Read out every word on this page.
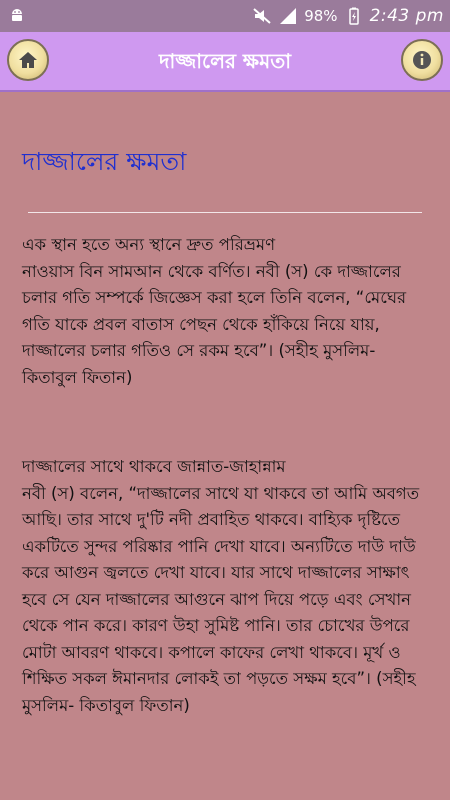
98% 2:43 pm
দাজ্জালের ক্ষমতা
দাজ্জালের ক্ষমতা
এক স্থান হতে অন্য স্থানে দ্রুত পরিভ্রমণ
নাওয়াস বিন সামআন থেকে বর্ণিত। নবী (স) কে দাজ্জালের চলার গতি সম্পর্কে জিজ্ঞেস করা হলে তিনি বলেন, “মেঘের গতি যাকে প্রবল বাতাস পেছন থেকে হাঁকিয়ে নিয়ে যায়, দাজ্জালের চলার গতিও সে রকম হবে”। (সহীহ মুসলিম- কিতাবুল ফিতান)
দাজ্জালের সাথে থাকবে জান্নাত-জাহান্নাম
নবী (স) বলেন, “দাজ্জালের সাথে যা থাকবে তা আমি অবগত আছি। তার সাথে দু'টি নদী প্রবাহিত থাকবে। বাহ্যিক দৃষ্টিতে একটিতে সুন্দর পরিষ্কার পানি দেখা যাবে। অন্যটিতে দাউ দাউ করে আগুন জ্বলতে দেখা যাবে। যার সাথে দাজ্জালের সাক্ষাৎ হবে সে যেন দাজ্জালের আগুনে ঝাপ দিয়ে পড়ে এবং সেখান থেকে পান করে। কারণ উহা সুমিষ্ট পানি। তার চোখের উপরে মোটা আবরণ থাকবে। কপালে কাফের লেখা থাকবে। মূর্খ ও শিক্ষিত সকল ঈমানদার লোকই তা পড়তে সক্ষম হবে”। (সহীহ মুসলিম- কিতাবুল ফিতান)
